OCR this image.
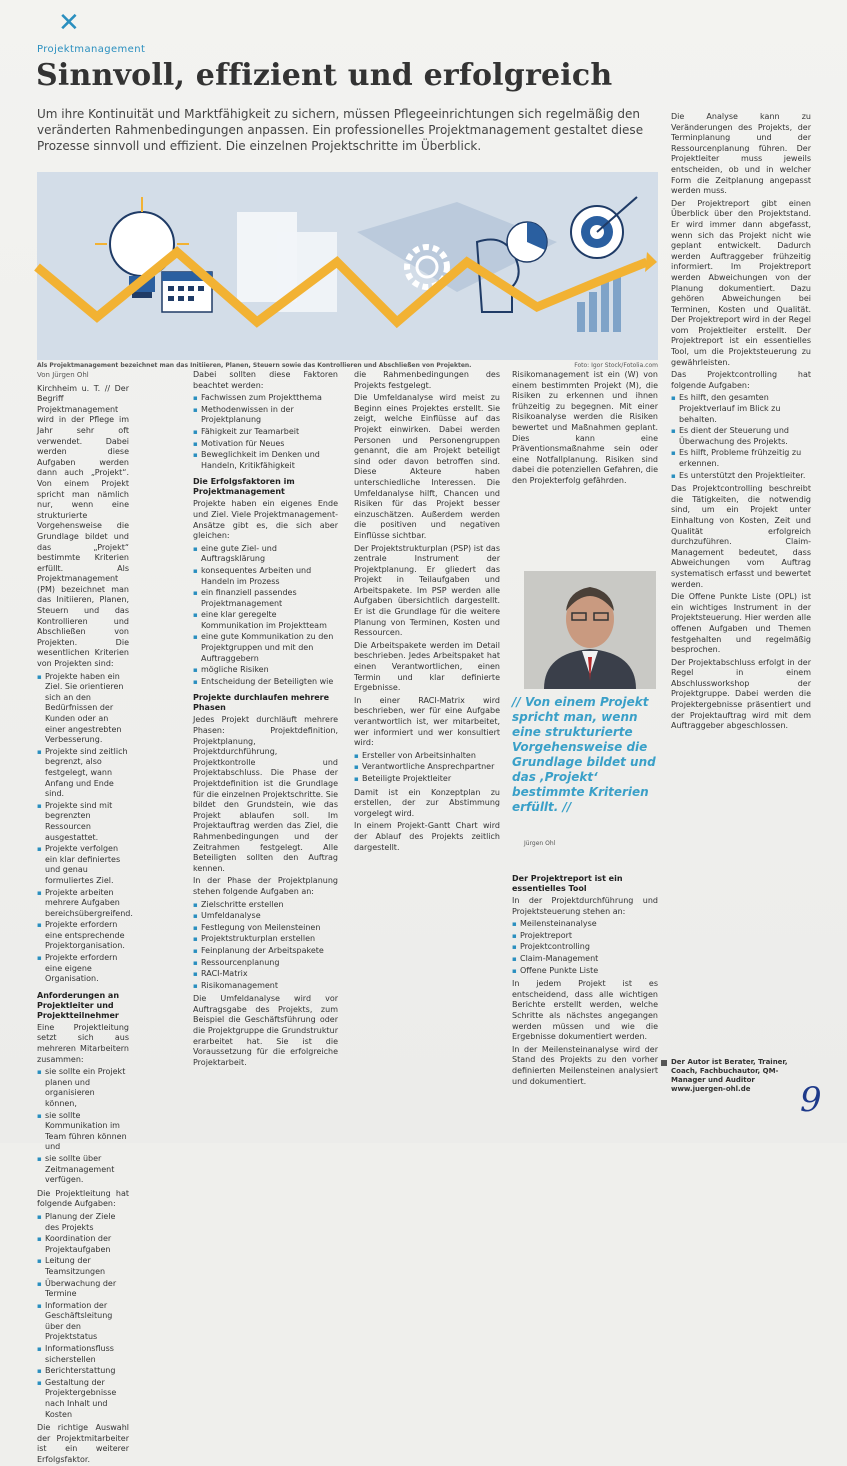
✕
Projektmanagement
Sinnvoll, effizient und erfolgreich

Um ihre Kontinuität und Marktfähigkeit zu sichern, müssen Pflegeeinrichtungen sich regelmäßig den veränderten Rahmenbedingungen anpassen. Ein professionelles Projektmanagement gestaltet diese Prozesse sinnvoll und effizient. Die einzelnen Projektschritte im Überblick.

Als Projektmanagement bezeichnet man das Initiieren, Planen, Steuern sowie das Kontrollieren und Abschließen von Projekten.	Foto: Igor Stock/Fotolia.com
Von Jürgen Ohl

Kirchheim u. T. // Der Begriff Projektmanagement wird in der Pflege im Jahr sehr oft verwendet. Dabei werden diese Aufgaben werden dann auch „Projekt“. Von einem Projekt spricht man nämlich nur, wenn eine strukturierte Vorgehensweise die Grundlage bildet und das „Projekt“ bestimmte Kriterien erfüllt. Als Projektmanagement (PM) bezeichnet man das Initiieren, Planen, Steuern und das Kontrollieren und Abschließen von Projekten. Die wesentlichen Kriterien von Projekten sind:

▪ Projekte haben ein Ziel. Sie orientieren sich an den Bedürfnissen der Kunden oder an einer angestrebten Verbesserung.
▪ Projekte sind zeitlich begrenzt, also festgelegt, wann Anfang und Ende sind.
▪ Projekte sind mit begrenzten Ressourcen ausgestattet.
▪ Projekte verfolgen ein klar definiertes und genau formuliertes Ziel.
▪ Projekte arbeiten mehrere Aufgaben bereichsübergreifend.
▪ Projekte erfordern eine entsprechende Projektorganisation.
▪ Projekte erfordern eine eigene Organisation.
Anforderungen an Projektleiter und Projektteilnehmer

Eine Projektleitung setzt sich aus mehreren Mitarbeitern zusammen:

▪ sie sollte ein Projekt planen und organisieren können,
▪ sie sollte Kommunikation im Team führen können und
▪ sie sollte über Zeitmanagement verfügen.

Die Projektleitung hat folgende Aufgaben:

▪ Planung der Ziele des Projekts
▪ Koordination der Projektaufgaben
▪ Leitung der Teamsitzungen
▪ Überwachung der Termine
▪ Information der Geschäftsleitung über den Projektstatus
▪ Informationsfluss sicherstellen
▪ Berichterstattung
▪ Gestaltung der Projektergebnisse nach Inhalt und Kosten

Die richtige Auswahl der Projektmitarbeiter ist ein weiterer Erfolgsfaktor.

Dabei sollten diese Faktoren beachtet werden:

▪ Fachwissen zum Projektthema
▪ Methodenwissen in der Projektplanung
▪ Fähigkeit zur Teamarbeit
▪ Motivation für Neues
▪ Beweglichkeit im Denken und Handeln, Kritikfähigkeit
Die Erfolgsfaktoren im Projektmanagement

Projekte haben ein eigenes Ende und Ziel. Viele Projektmanagement-Ansätze gibt es, die sich aber gleichen:

▪ eine gute Ziel- und Auftragsklärung
▪ konsequentes Arbeiten und Handeln im Prozess
▪ ein finanziell passendes Projektmanagement
▪ eine klar geregelte Kommunikation im Projektteam
▪ eine gute Kommunikation zu den Projektgruppen und mit den Auftraggebern
▪ mögliche Risiken
▪ Entscheidung der Beteiligten wie
Projekte durchlaufen mehrere Phasen

Jedes Projekt durchläuft mehrere Phasen: Projektdefinition, Projektplanung, Projektdurchführung, Projektkontrolle und Projektabschluss. Die Phase der Projektdefinition ist die Grundlage für die einzelnen Projektschritte. Sie bildet den Grundstein, wie das Projekt ablaufen soll. Im Projektauftrag werden das Ziel, die Rahmenbedingungen und der Zeitrahmen festgelegt. Alle Beteiligten sollten den Auftrag kennen.

In der Phase der Projektplanung stehen folgende Aufgaben an:

▪ Zielschritte erstellen
▪ Umfeldanalyse
▪ Festlegung von Meilensteinen
▪ Projektstrukturplan erstellen
▪ Feinplanung der Arbeitspakete
▪ Ressourcenplanung
▪ RACI-Matrix
▪ Risikomanagement

Die Umfeldanalyse wird vor Auftragsgabe des Projekts, zum Beispiel die Geschäftsführung oder die Projektgruppe die Grundstruktur erarbeitet hat. Sie ist die Voraussetzung für die erfolgreiche Projektarbeit.

die Rahmenbedingungen des Projekts festgelegt.

Die Umfeldanalyse wird meist zu Beginn eines Projektes erstellt. Sie zeigt, welche Einflüsse auf das Projekt einwirken. Dabei werden Personen und Personengruppen genannt, die am Projekt beteiligt sind oder davon betroffen sind. Diese Akteure haben unterschiedliche Interessen. Die Umfeldanalyse hilft, Chancen und Risiken für das Projekt besser einzuschätzen. Außerdem werden die positiven und negativen Einflüsse sichtbar.

Der Projektstrukturplan (PSP) ist das zentrale Instrument der Projektplanung. Er gliedert das Projekt in Teilaufgaben und Arbeitspakete. Im PSP werden alle Aufgaben übersichtlich dargestellt. Er ist die Grundlage für die weitere Planung von Terminen, Kosten und Ressourcen.

Die Arbeitspakete werden im Detail beschrieben. Jedes Arbeitspaket hat einen Verantwortlichen, einen Termin und klar definierte Ergebnisse.

In einer RACI-Matrix wird beschrieben, wer für eine Aufgabe verantwortlich ist, wer mitarbeitet, wer informiert und wer konsultiert wird:

▪ Ersteller von Arbeitsinhalten
▪ Verantwortliche Ansprechpartner
▪ Beteiligte Projektleiter

Damit ist ein Konzeptplan zu erstellen, der zur Abstimmung vorgelegt wird.

In einem Projekt-Gantt Chart wird der Ablauf des Projekts zeitlich dargestellt.

Risikomanagement ist ein (W) von einem bestimmten Projekt (M), die Risiken zu erkennen und ihnen frühzeitig zu begegnen. Mit einer Risikoanalyse werden die Risiken bewertet und Maßnahmen geplant. Dies kann eine Präventionsmaßnahme sein oder eine Notfallplanung. Risiken sind dabei die potenziellen Gefahren, die den Projekterfolg gefährden.

// Von einem Projekt spricht man, wenn eine strukturierte Vorgehensweise die Grundlage bildet und das ‚Projekt‘ bestimmte Kriterien erfüllt. //
Jürgen Ohl
Der Projektreport ist ein essentielles Tool

In der Projektdurchführung und Projektsteuerung stehen an:

▪ Meilensteinanalyse
▪ Projektreport
▪ Projektcontrolling
▪ Claim-Management
▪ Offene Punkte Liste

In jedem Projekt ist es entscheidend, dass alle wichtigen Berichte erstellt werden, welche Schritte als nächstes angegangen werden müssen und wie die Ergebnisse dokumentiert werden.

In der Meilensteinanalyse wird der Stand des Projekts zu den vorher definierten Meilensteinen analysiert und dokumentiert.

Die Analyse kann zu Veränderungen des Projekts, der Terminplanung und der Ressourcenplanung führen. Der Projektleiter muss jeweils entscheiden, ob und in welcher Form die Zeitplanung angepasst werden muss.

Der Projektreport gibt einen Überblick über den Projektstand. Er wird immer dann abgefasst, wenn sich das Projekt nicht wie geplant entwickelt. Dadurch werden Auftraggeber frühzeitig informiert. Im Projektreport werden Abweichungen von der Planung dokumentiert. Dazu gehören Abweichungen bei Terminen, Kosten und Qualität. Der Projektreport wird in der Regel vom Projektleiter erstellt. Der Projektreport ist ein essentielles Tool, um die Projektsteuerung zu gewährleisten.

Das Projektcontrolling hat folgende Aufgaben:

▪ Es hilft, den gesamten Projektverlauf im Blick zu behalten.
▪ Es dient der Steuerung und Überwachung des Projekts.
▪ Es hilft, Probleme frühzeitig zu erkennen.
▪ Es unterstützt den Projektleiter.

Das Projektcontrolling beschreibt die Tätigkeiten, die notwendig sind, um ein Projekt unter Einhaltung von Kosten, Zeit und Qualität erfolgreich durchzuführen. Claim-Management bedeutet, dass Abweichungen vom Auftrag systematisch erfasst und bewertet werden.

Die Offene Punkte Liste (OPL) ist ein wichtiges Instrument in der Projektsteuerung. Hier werden alle offenen Aufgaben und Themen festgehalten und regelmäßig besprochen.

Der Projektabschluss erfolgt in der Regel in einem Abschlussworkshop der Projektgruppe. Dabei werden die Projektergebnisse präsentiert und der Projektauftrag wird mit dem Auftraggeber abgeschlossen.

Der Autor ist Berater, Trainer, Coach, Fachbuchautor, QM-Manager und Auditor www.juergen-ohl.de	9
